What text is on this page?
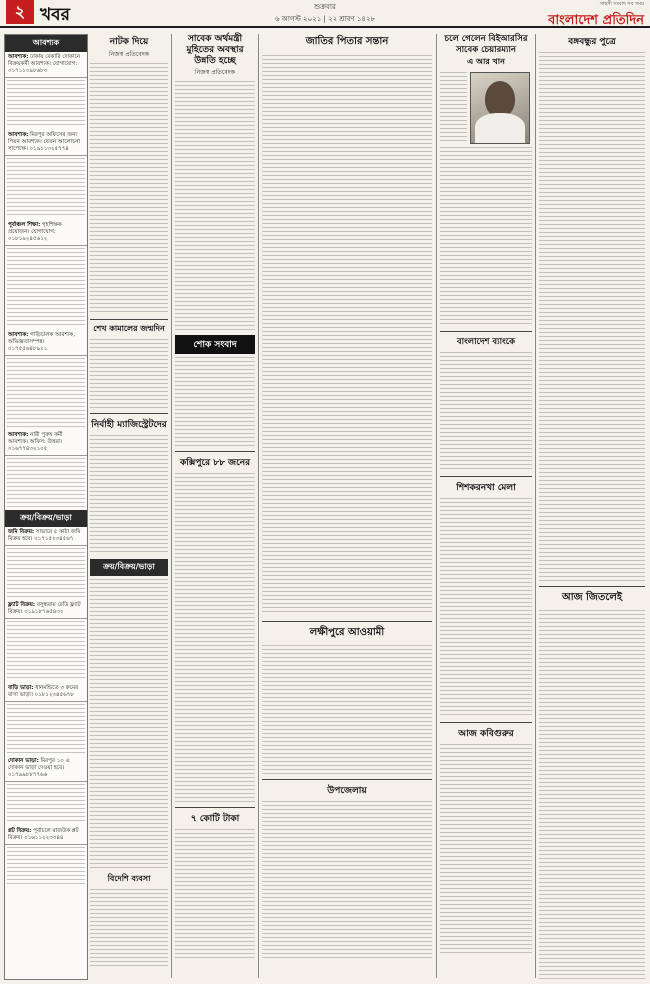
২ খবর	শুক্রবার
৬ আগস্ট ২০২১ | ২২ শ্রাবণ ১৪২৮
সাহসী সংবাদ সব সময়
বাংলাদেশ প্রতিদিন
আবশ্যক
আবশ্যক: ঢাকায় বেকারি দোকানে বিক্রয়কর্মী আবশ্যক। যোগাযোগ: ০১৭১১০৯৮৬৮৩
আবশ্যক: মিরপুর অফিসের জন্য পিয়ন আবশ্যক। বেতন আলোচনা সাপেক্ষে। ০১৯১১৩২৫৭৭৪
পূর্বাঞ্চল শিক্ষা: গৃহশিক্ষক প্রয়োজন। যোগাযোগ: ০১৮১৯২৪৫৬১২
আবশ্যক: গাড়িচালক আবশ্যক, অভিজ্ঞতাসম্পন্ন। ০১৭৫৫৬৪৮৯২১
আবশ্যক: নারী পুরুষ কর্মী আবশ্যক। অফিস: উত্তরা। ০১৬৭৭৪৩২১০৫
ক্রয়/বিক্রয়/ভাড়া
জমি বিক্রয়: সাভারে ৫ কাঠা জমি বিক্রয় হবে। ০১৭১৫২৩৪৫৬৭
ফ্ল্যাট বিক্রয়: বসুন্ধরায় রেডি ফ্ল্যাট বিক্রয়। ০১৯১৮৭৬৫৪৩২
বাড়ি ভাড়া: ধানমন্ডিতে ৩ রুমের বাসা ভাড়া। ০১৮১২৩৪৫৬৭৮
দোকান ভাড়া: মিরপুর ১০ এ দোকান ভাড়া দেওয়া হবে। ০১৭৯৯৮৮৭৭৬৬
প্লট বিক্রয়: পূর্বাচলে রাজউক প্লট বিক্রয়। ০১৬১১২২৩৩৪৪
নাটক দিয়ে
নিজস্ব প্রতিবেদক
শেখ কামালের জন্মদিন
নির্বাহী ম্যাজিস্ট্রেটদের
ক্রয়/বিক্রয়/ভাড়া
বিদেশি ব্যবসা
সাবেক অর্থমন্ত্রী মুহিতের অবস্থার উন্নতি হচ্ছে
নিজস্ব প্রতিবেদক
শোক সংবাদ
কক্সিপুরে ৮৮ জনের
৭ কোটি টাকা
জাতির পিতার সন্তান
লক্ষীপুরে আওয়ামী
উপজেলায়
চলে গেলেন বিইআরসির সাবেক চেয়ারম্যান
এ আর খান
বাংলাদেশ ব্যাংকে
শিশকরনখা মেলা
আজ কবিগুরুর
বঙ্গবন্ধুর পুত্রে
আজ জিতলেই
